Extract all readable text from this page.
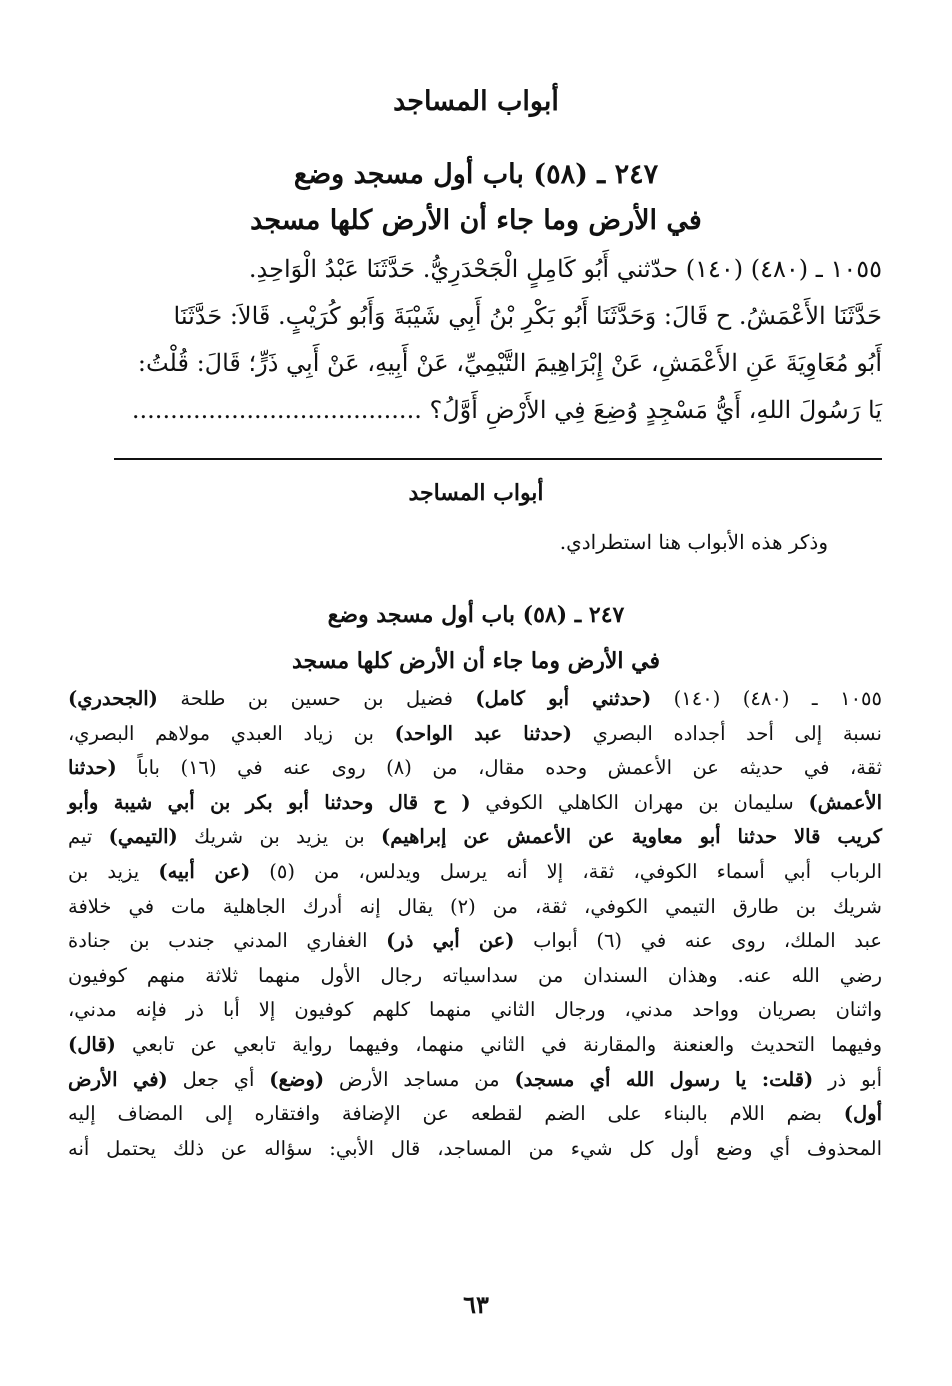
أبواب المساجد
٢٤٧ ـ (٥٨) باب أول مسجد وضع
في الأرض وما جاء أن الأرض كلها مسجد
١٠٥٥ ـ (٤٨٠) (١٤٠) حدّثني أَبُو كَامِلٍ الْجَحْدَرِيُّ. حَدَّثَنَا عَبْدُ الْوَاحِدِ.
حَدَّثَنَا الأَعْمَشُ. ح قَالَ: وَحَدَّثَنَا أَبُو بَكْرِ بْنُ أَبِي شَيْبَةَ وَأَبُو كُرَيْبٍ. قَالاَ: حَدَّثَنَا
أَبُو مُعَاوِيَةَ عَنِ الأَعْمَشِ، عَنْ إِبْرَاهِيمَ التَّيْمِيِّ، عَنْ أَبِيهِ، عَنْ أَبِي ذَرٍّ؛ قَالَ: قُلْتُ:
يَا رَسُولَ اللهِ، أَيُّ مَسْجِدٍ وُضِعَ فِي الأَرْضِ أَوَّلُ؟ ......................................
أبواب المساجد
وذكر هذه الأبواب هنا استطرادي.
٢٤٧ ـ (٥٨) باب أول مسجد وضع
في الأرض وما جاء أن الأرض كلها مسجد
١٠٥٥ ـ (٤٨٠) (١٤٠) (حدثني أبو كامل) فضيل بن حسين بن طلحة (الجحدري)
نسبة إلى أحد أجداده البصري (حدثنا عبد الواحد) بن زياد العبدي مولاهم البصري،
ثقة، في حديثه عن الأعمش وحده مقال، من (٨) روى عنه في (١٦) باباً (حدثنا
الأعمش) سليمان بن مهران الكاهلي الكوفي ( ح قال وحدثنا أبو بكر بن أبي شيبة وأبو
كريب قالا حدثنا أبو معاوية عن الأعمش عن إبراهيم) بن يزيد بن شريك (التيمي) تيم
الرباب أبي أسماء الكوفي، ثقة، إلا أنه يرسل ويدلس، من (٥) (عن أبيه) يزيد بن
شريك بن طارق التيمي الكوفي، ثقة، من (٢) يقال إنه أدرك الجاهلية مات في خلافة
عبد الملك، روى عنه في (٦) أبواب (عن أبي ذر) الغفاري المدني جندب بن جنادة
رضي الله عنه. وهذان السندان من سداسياته رجال الأول منهما ثلاثة منهم كوفيون
واثنان بصريان وواحد مدني، ورجال الثاني منهما كلهم كوفيون إلا أبا ذر فإنه مدني،
وفيهما التحديث والعنعنة والمقارنة في الثاني منهما، وفيهما رواية تابعي عن تابعي (قال)
أبو ذر (قلت: يا رسول الله أي مسجد) من مساجد الأرض (وضع) أي جعل (في الأرض
أول) بضم اللام بالبناء على الضم لقطعه عن الإضافة وافتقاره إلى المضاف إليه
المحذوف أي وضع أول كل شيء من المساجد، قال الأبي: سؤاله عن ذلك يحتمل أنه
٦٣
